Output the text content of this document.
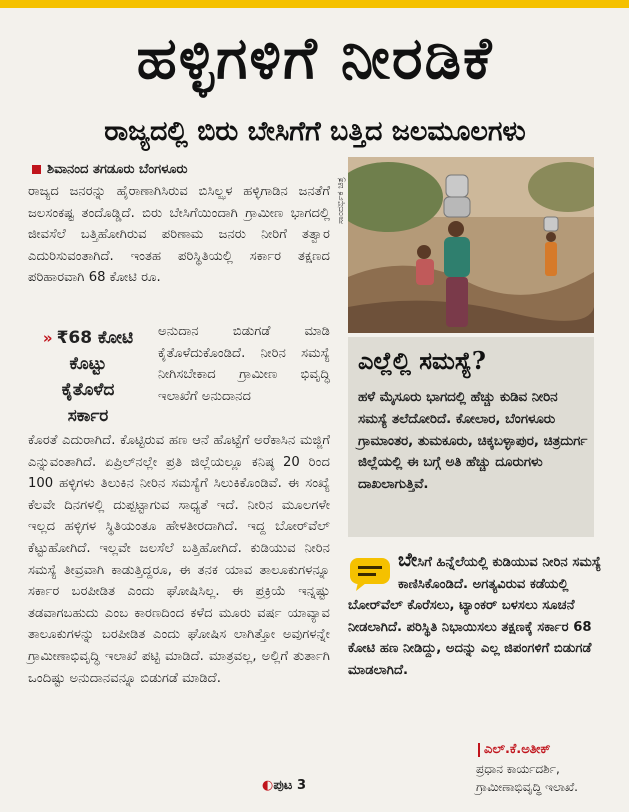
ಹಳ್ಳಿಗಳಿಗೆ ನೀರಡಿಕೆ
ರಾಜ್ಯದಲ್ಲಿ ಬಿರು ಬೇಸಿಗೆಗೆ ಬತ್ತಿದ ಜಲಮೂಲಗಳು
ಶಿವಾನಂದ ತಗಡೂರು ಬೆಂಗಳೂರು

ರಾಜ್ಯದ ಜನರನ್ನು ಹೈರಾಣಾಗಿಸಿರುವ ಬಿಸಿಲ್ಝಳ ಹಳ್ಳಿಗಾಡಿನ ಜನತೆಗೆ ಜಲಸಂಕಷ್ಟ ತಂದೊಡ್ಡಿದೆ. ಬಿರು ಬೇಸಿಗೆಯಿಂದಾಗಿ ಗ್ರಾಮೀಣ ಭಾಗದಲ್ಲಿ ಜೀವಸೆಲೆ ಬತ್ತಿಹೋಗಿರುವ ಪರಿಣಾಮ ಜನರು ನೀರಿಗೆ ತತ್ವಾರ ಎದುರಿಸುವಂತಾಗಿದೆ. ಇಂತಹ ಪರಿಸ್ಥಿತಿಯಲ್ಲಿ ಸರ್ಕಾರ ತಕ್ಷಣದ ಪರಿಹಾರವಾಗಿ 68 ಕೋಟಿ ರೂ.

» ₹68 ಕೋಟಿ
ಕೊಟ್ಟು
ಕೈತೊಳೆದ
ಸರ್ಕಾರ

ಅನುದಾನ ಬಿಡುಗಡೆ ಮಾಡಿ ಕೈತೊಳೆದುಕೊಂಡಿದೆ. ನೀರಿನ ಸಮಸ್ಯೆ ನೀಗಿಸಬೇಕಾದ ಗ್ರಾಮೀಣ ಭಿವೃದ್ಧಿ ಇಲಾಖೆಗೆ ಅನುದಾನದ

ಕೊರತೆ ಎದುರಾಗಿದೆ. ಕೊಟ್ಟಿರುವ ಹಣ ಆನೆ ಹೊಟ್ಟೆಗೆ ಅರೆಕಾಸಿನ ಮಜ್ಜಿಗೆ ಎನ್ನುವಂತಾಗಿದೆ. ಏಪ್ರಿಲ್‌ನಲ್ಲೇ ಪ್ರತಿ ಜಿಲ್ಲೆಯಲ್ಲೂ ಕನಿಷ್ಠ 20 ರಿಂದ 100 ಹಳ್ಳಿಗಳು ತಿಲುಕಿನ ನೀರಿನ ಸಮಸ್ಯೆಗೆ ಸಿಲುಕಿಕೊಂಡಿವೆ. ಈ ಸಂಖ್ಯೆ ಕೆಲವೇ ದಿನಗಳಲ್ಲಿ ದುಪ್ಪಟ್ಟಾಗುವ ಸಾಧ್ಯತೆ ಇದೆ. ನೀರಿನ ಮೂಲಗಳೇ ಇಲ್ಲದ ಹಳ್ಳಿಗಳ ಸ್ಥಿತಿಯಂತೂ ಹೇಳತೀರದಾಗಿದೆ. ಇದ್ದ ಬೋರ್‌ವೆಲ್ ಕೆಟ್ಟುಹೋಗಿದೆ. ಇಲ್ಲವೇ ಜಲಸೆಲೆ ಬತ್ತಿಹೋಗಿದೆ. ಕುಡಿಯುವ ನೀರಿನ ಸಮಸ್ಯೆ ತೀವ್ರವಾಗಿ ಕಾಡುತ್ತಿದ್ದರೂ, ಈ ತನಕ ಯಾವ ತಾಲೂಕುಗಳನ್ನೂ ಸರ್ಕಾರ ಬರಪೀಡಿತ ಎಂದು ಘೋಷಿಸಿಲ್ಲ. ಈ ಪ್ರಕ್ರಿಯೆ ಇನ್ನಷ್ಟು ತಡವಾಗಬಹುದು ಎಂಬ ಕಾರಣದಿಂದ ಕಳೆದ ಮೂರು ವರ್ಷ ಯಾವ್ಯಾವ ತಾಲೂಕುಗಳನ್ನು ಬರಪೀಡಿತ ಎಂದು ಘೋಷಿಸ ಲಾಗಿತ್ತೋ ಅವುಗಳನ್ನೇ ಗ್ರಾಮೀಣಾಭಿವೃದ್ಧಿ ಇಲಾಖೆ ಪಟ್ಟಿ ಮಾಡಿದೆ. ಮಾತ್ರವಲ್ಲ, ಅಲ್ಲಿಗೆ ತುರ್ತಾಗಿ ಒಂದಿಷ್ಟು ಅನುದಾನವನ್ನೂ ಬಿಡುಗಡೆ ಮಾಡಿದೆ.

◐ಪುಟ 3
ಸಾಂದರ್ಭಿಕ ಚಿತ್ರ
ಎಲ್ಲೆಲ್ಲಿ ಸಮಸ್ಯೆ?
ಹಳೆ ಮೈಸೂರು ಭಾಗದಲ್ಲಿ ಹೆಚ್ಚು ಕುಡಿವ ನೀರಿನ ಸಮಸ್ಯೆ ತಲೆದೋರಿದೆ. ಕೋಲಾರ, ಬೆಂಗಳೂರು ಗ್ರಾಮಾಂತರ, ತುಮಕೂರು, ಚಿಕ್ಕಬಳ್ಳಾಪುರ, ಚಿತ್ರದುರ್ಗ ಜಿಲ್ಲೆಯಲ್ಲಿ ಈ ಬಗ್ಗೆ ಅತಿ ಹೆಚ್ಚು ದೂರುಗಳು ದಾಖಲಾಗುತ್ತಿವೆ.
ಬೇಸಿಗೆ ಹಿನ್ನೆಲೆಯಲ್ಲಿ ಕುಡಿಯುವ ನೀರಿನ ಸಮಸ್ಯೆ ಕಾಣಿಸಿಕೊಂಡಿದೆ. ಅಗತ್ಯವಿರುವ ಕಡೆಯಲ್ಲಿ ಬೋರ್‌ವೆಲ್ ಕೊರೆಸಲು, ಟ್ಯಾಂಕರ್ ಬಳಸಲು ಸೂಚನೆ ನೀಡಲಾಗಿದೆ. ಪರಿಸ್ಥಿತಿ ನಿಭಾಯಿಸಲು ತಕ್ಷಣಕ್ಕೆ ಸರ್ಕಾರ 68 ಕೋಟಿ ಹಣ ನೀಡಿದ್ದು, ಅದನ್ನು ಎಲ್ಲ ಜಿಪಂಗಳಿಗೆ ಬಿಡುಗಡೆ ಮಾಡಲಾಗಿದೆ.
ಎಲ್.ಕೆ.ಅತೀಕ್
ಪ್ರಧಾನ ಕಾರ್ಯದರ್ಶಿ, ಗ್ರಾಮೀಣಾಭಿವೃದ್ಧಿ ಇಲಾಖೆ.
